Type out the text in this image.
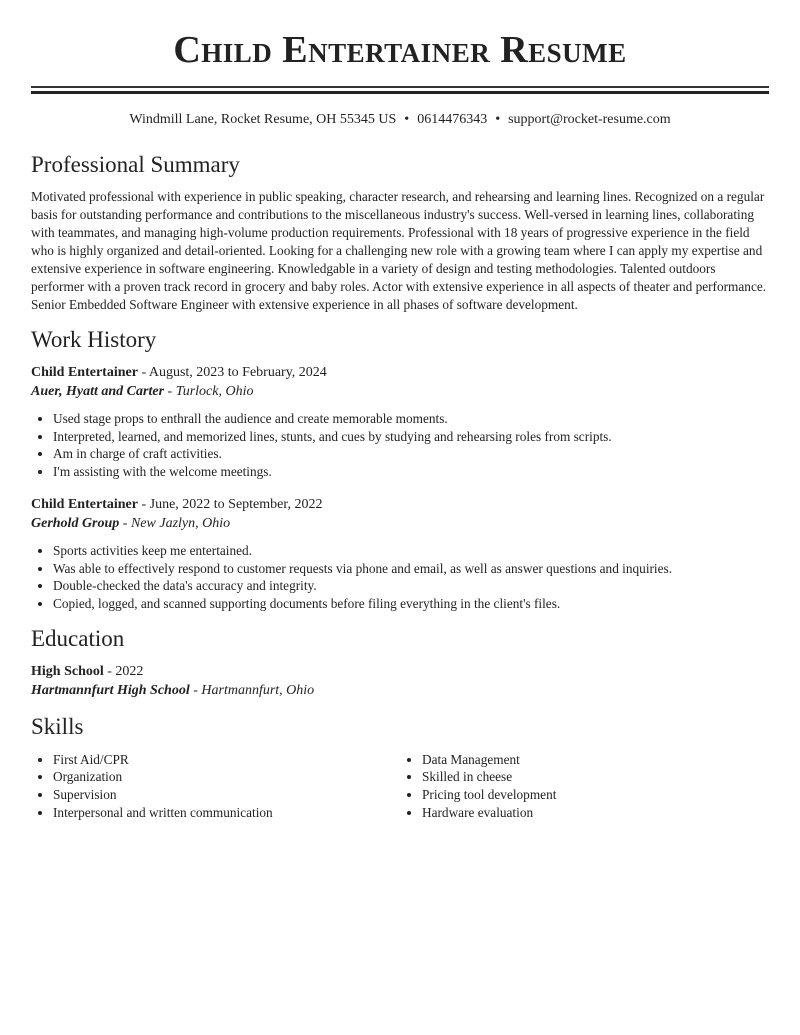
Child Entertainer Resume
Windmill Lane, Rocket Resume, OH 55345 US • 0614476343 • support@rocket-resume.com
Professional Summary

Motivated professional with experience in public speaking, character research, and rehearsing and learning lines. Recognized on a regular basis for outstanding performance and contributions to the miscellaneous industry's success. Well-versed in learning lines, collaborating with teammates, and managing high-volume production requirements. Professional with 18 years of progressive experience in the field who is highly organized and detail-oriented. Looking for a challenging new role with a growing team where I can apply my expertise and extensive experience in software engineering. Knowledgable in a variety of design and testing methodologies. Talented outdoors performer with a proven track record in grocery and baby roles. Actor with extensive experience in all aspects of theater and performance. Senior Embedded Software Engineer with extensive experience in all phases of software development.

Work History
Child Entertainer - August, 2023 to February, 2024
Auer, Hyatt and Carter - Turlock, Ohio
• Used stage props to enthrall the audience and create memorable moments.
• Interpreted, learned, and memorized lines, stunts, and cues by studying and rehearsing roles from scripts.
• Am in charge of craft activities.
• I'm assisting with the welcome meetings.
Child Entertainer - June, 2022 to September, 2022
Gerhold Group - New Jazlyn, Ohio
• Sports activities keep me entertained.
• Was able to effectively respond to customer requests via phone and email, as well as answer questions and inquiries.
• Double-checked the data's accuracy and integrity.
• Copied, logged, and scanned supporting documents before filing everything in the client's files.
Education
High School - 2022
Hartmannfurt High School - Hartmannfurt, Ohio
Skills
• First Aid/CPR
• Organization
• Supervision
• Interpersonal and written communication
• Data Management
• Skilled in cheese
• Pricing tool development
• Hardware evaluation
